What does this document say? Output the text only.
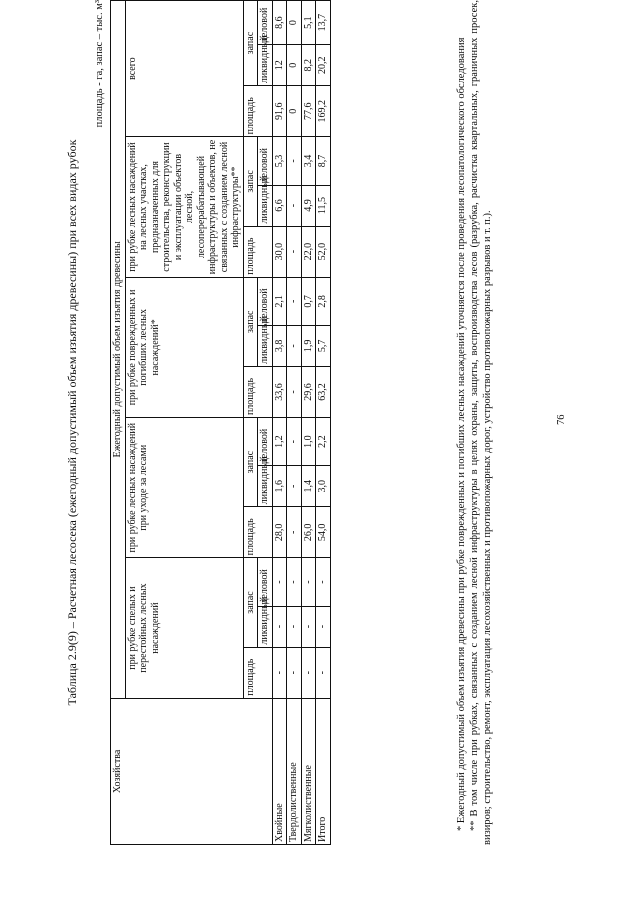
Таблица 2.9(9) – Расчетная лесосека (ежегодный допустимый объем изъятия древесины) при всех видах рубок
площадь - га, запас – тыс. м³
Хозяйства	Ежегодный допустимый объем изъятия древесины														
	при рубке спелых и перестойных лесных насаждений			при рубке лесных насаждений при уходе за лесами			при рубке поврежденных и погибших лесных насаждений*			при рубке лесных насаждений на лесных участках, предназначенных для строительства, реконструкции и эксплуатации объектов лесной, лесоперерабатывающей инфраструктуры и объектов, не связанных с созданием лесной инфраструктуры**			всего		
	площадь	запас		площадь	запас		площадь	запас		площадь	запас		площадь	запас	
		ликвидный	деловой		ликвидный	деловой		ликвидный	деловой		ликвидный	деловой		ликвидный	деловой
Хвойные	-	-	-	28,0	1,6	1,2	33,6	3,8	2,1	30,0	6,6	5,3	91,6	12	8,6
Твердолиственные	-	-	-	-	-	-	-	-	-	-	-	-	0	0	0
Мягколиственные	-	-	-	26,0	1,4	1,0	29,6	1,9	0,7	22,0	4,9	3,4	77,6	8,2	5,1
Итого	-	-	-	54,0	3,0	2,2	63,2	5,7	2,8	52,0	11,5	8,7	169,2	20,2	13,7

* Ежегодный допустимый объем изъятия древесины при рубке поврежденных и погибших лесных насаждений уточняется после проведения лесопатологического обследования ** В том числе при рубках, связанных с созданием лесной инфраструктуры в целях охраны, защиты, воспроизводства лесов (разрубка, расчистка квартальных, граничных просек, визиров; строительство, ремонт, эксплуатация лесохозяйственных и противопожарных дорог, устройство противопожарных разрывов и т. п.).	76
